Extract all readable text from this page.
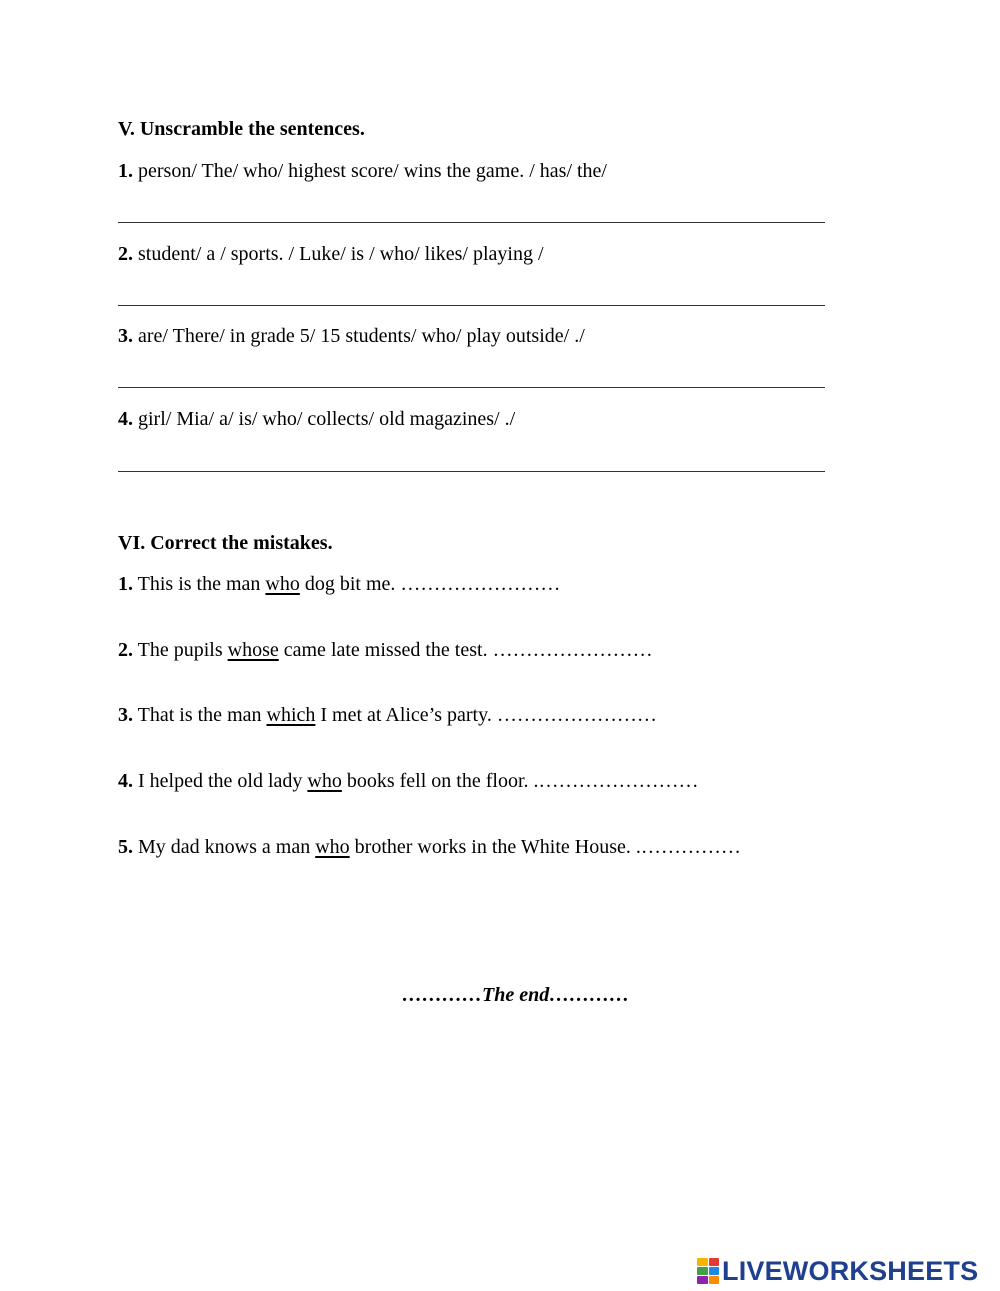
V. Unscramble the sentences.
1. person/ The/ who/ highest score/ wins the game. / has/ the/
2. student/ a / sports. / Luke/ is / who/ likes/ playing /
3. are/ There/ in grade 5/ 15 students/ who/ play outside/ ./
4. girl/ Mia/ a/ is/ who/ collects/ old magazines/ ./
VI. Correct the mistakes.
1. This is the man who dog bit me. ……………………
2. The pupils whose came late missed the test. ……………………
3. That is the man which I met at Alice’s party. ……………………
4. I helped the old lady who books fell on the floor. .……………………
5. My dad knows a man who brother works in the White House. .……………
…………The end…………
LIVEWORKSHEETS
